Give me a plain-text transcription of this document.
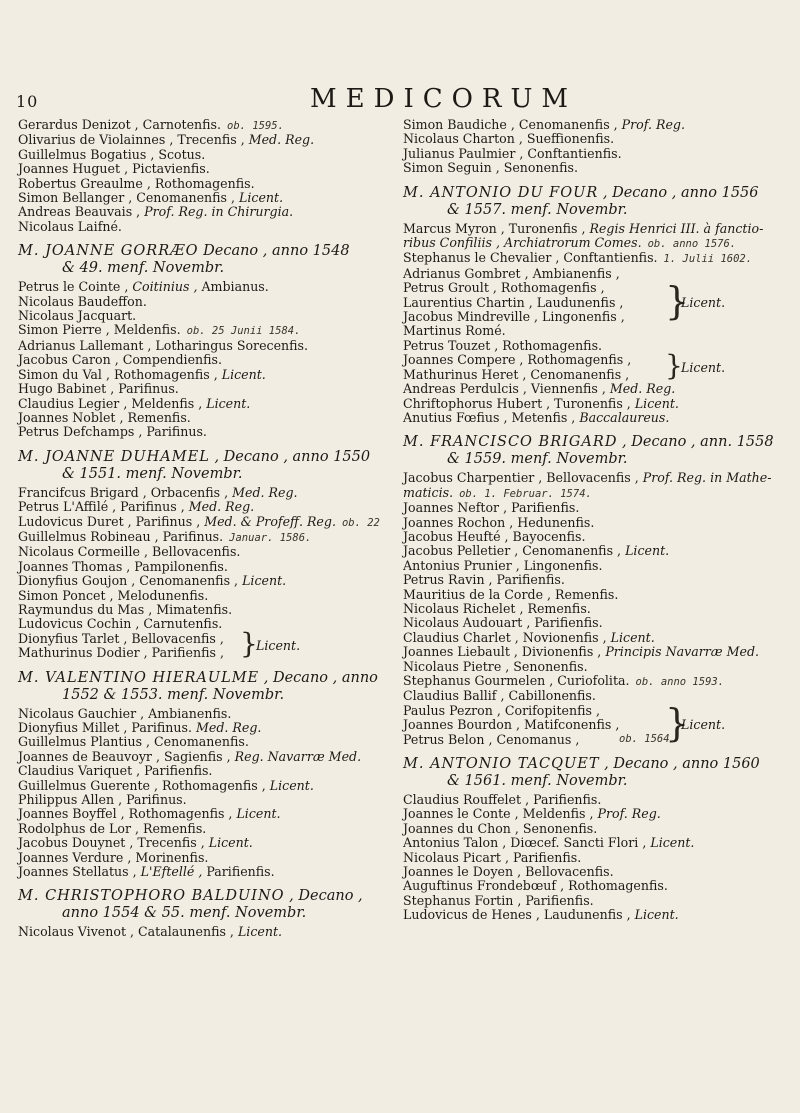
10	MEDICORUM
Gerardus Denizot , Carnotenfis. ob. 1595.
Olivarius de Violainnes , Trecenfis , Med. Reg.
Guillelmus Bogatius , Scotus.
Joannes Huguet , Pictavienfis.
Robertus Greaulme , Rothomagenfis.
Simon Bellanger , Cenomanenfis , Licent.
Andreas Beauvais , Prof. Reg. in Chirurgia.
Nicolaus Laifné.
M. JOANNE GORRÆO Decano , anno 1548
& 49. menf. Novembr.
Petrus le Cointe , Coitinius , Ambianus.
Nicolaus Baudeffon.
Nicolaus Jacquart.
Simon Pierre , Meldenfis. ob. 25 Junii 1584.
Adrianus Lallemant , Lotharingus Sorecenfis.
Jacobus Caron , Compendienfis.
Simon du Val , Rothomagenfis , Licent.
Hugo Babinet , Parifinus.
Claudius Legier , Meldenfis , Licent.
Joannes Noblet , Remenfis.
Petrus Defchamps , Parifinus.
M. JOANNE DUHAMEL , Decano , anno 1550
& 1551. menf. Novembr.
Francifcus Brigard , Orbacenfis , Med. Reg.
Petrus L'Affilé , Parifinus , Med. Reg.
Ludovicus Duret , Parifinus , Med. & Profeff. Reg. ob. 22
Guillelmus Robineau , Parifinus. Januar. 1586.
Nicolaus Cormeille , Bellovacenfis.
Joannes Thomas , Pampilonenfis.
Dionyfius Goujon , Cenomanenfis , Licent.
Simon Poncet , Melodunenfis.
Raymundus du Mas , Mimatenfis.
Ludovicus Cochin , Carnutenfis.
Dionyfius Tarlet , Bellovacenfis ,
Mathurinus Dodier , Parifienfis , }
Licent.
M. VALENTINO HIERAULME , Decano , anno
1552 & 1553. menf. Novembr.
Nicolaus Gauchier , Ambianenfis.
Dionyfius Millet , Parifinus. Med. Reg.
Guillelmus Plantius , Cenomanenfis.
Joannes de Beauvoyr , Sagienfis , Reg. Navarræ Med.
Claudius Variquet , Parifienfis.
Guillelmus Guerente , Rothomagenfis , Licent.
Philippus Allen , Parifinus.
Joannes Boyffel , Rothomagenfis , Licent.
Rodolphus de Lor , Remenfis.
Jacobus Douynet , Trecenfis , Licent.
Joannes Verdure , Morinenfis.
Joannes Stellatus , L'Eftellé , Parifienfis.
M. CHRISTOPHORO BALDUINO , Decano ,
anno 1554 & 55. menf. Novembr.
Nicolaus Vivenot , Catalaunenfis , Licent.
Simon Baudiche , Cenomanenfis , Prof. Reg.
Nicolaus Charton , Sueffionenfis.
Julianus Paulmier , Conftantienfis.
Simon Seguin , Senonenfis.
M. ANTONIO DU FOUR , Decano , anno 1556
& 1557. menf. Novembr.
Marcus Myron , Turonenfis , Regis Henrici III. à fanctio-
ribus Confiliis , Archiatrorum Comes. ob. anno 1576.
Stephanus le Chevalier , Conftantienfis. 1. Julii 1602.
Adrianus Gombret , Ambianenfis ,
Petrus Groult , Rothomagenfis ,
Laurentius Chartin , Laudunenfis ,
Jacobus Mindreville , Lingonenfis ,	}
Licent.
Martinus Romé.
Petrus Touzet , Rothomagenfis.
Joannes Compere , Rothomagenfis ,
Mathurinus Heret , Cenomanenfis ,	}
Licent.
Andreas Perdulcis , Viennenfis , Med. Reg.
Chriftophorus Hubert , Turonenfis , Licent.
Anutius Fœfius , Metenfis , Baccalaureus.
M. FRANCISCO BRIGARD , Decano , ann. 1558
& 1559. menf. Novembr.
Jacobus Charpentier , Bellovacenfis , Prof. Reg. in Mathe-
maticis. ob. 1. Februar. 1574.
Joannes Neftor , Parifienfis.
Joannes Rochon , Hedunenfis.
Jacobus Heufté , Bayocenfis.
Jacobus Pelletier , Cenomanenfis , Licent.
Antonius Prunier , Lingonenfis.
Petrus Ravin , Parifienfis.
Mauritius de la Corde , Remenfis.
Nicolaus Richelet , Remenfis.
Nicolaus Audouart , Parifienfis.
Claudius Charlet , Novionenfis , Licent.
Joannes Liebault , Divionenfis , Principis Navarræ Med.
Nicolaus Pietre , Senonenfis.
Stephanus Gourmelen , Curiofolita. ob. anno 1593.
Claudius Ballif , Cabillonenfis.
Paulus Pezron , Corifopitenfis ,
Joannes Bourdon , Matifconenfis ,
Petrus Belon , Cenomanus ,	}
Licent.
ob. 1564.
M. ANTONIO TACQUET , Decano , anno 1560
& 1561. menf. Novembr.
Claudius Rouffelet , Parifienfis.
Joannes le Conte , Meldenfis , Prof. Reg.
Joannes du Chon , Senonenfis.
Antonius Talon , Diœcef. Sancti Flori , Licent.
Nicolaus Picart , Parifienfis.
Joannes le Doyen , Bellovacenfis.
Auguftinus Frondebœuf , Rothomagenfis.
Stephanus Fortin , Parifienfis.
Ludovicus de Henes , Laudunenfis , Licent.
